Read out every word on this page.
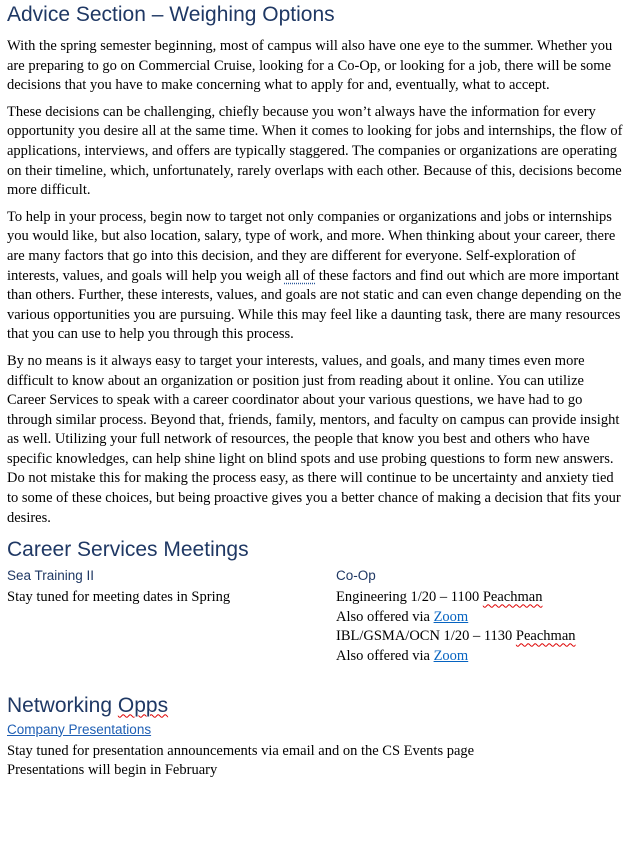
Advice Section – Weighing Options

With the spring semester beginning, most of campus will also have one eye to the summer. Whether you are preparing to go on Commercial Cruise, looking for a Co-Op, or looking for a job, there will be some decisions that you have to make concerning what to apply for and, eventually, what to accept.

These decisions can be challenging, chiefly because you won’t always have the information for every opportunity you desire all at the same time. When it comes to looking for jobs and internships, the flow of applications, interviews, and offers are typically staggered. The companies or organizations are operating on their timeline, which, unfortunately, rarely overlaps with each other. Because of this, decisions become more difficult.

To help in your process, begin now to target not only companies or organizations and jobs or internships you would like, but also location, salary, type of work, and more. When thinking about your career, there are many factors that go into this decision, and they are different for everyone. Self-exploration of interests, values, and goals will help you weigh all of these factors and find out which are more important than others. Further, these interests, values, and goals are not static and can even change depending on the various opportunities you are pursuing. While this may feel like a daunting task, there are many resources that you can use to help you through this process.

By no means is it always easy to target your interests, values, and goals, and many times even more difficult to know about an organization or position just from reading about it online. You can utilize Career Services to speak with a career coordinator about your various questions, we have had to go through similar process. Beyond that, friends, family, mentors, and faculty on campus can provide insight as well. Utilizing your full network of resources, the people that know you best and others who have specific knowledges, can help shine light on blind spots and use probing questions to form new answers. Do not mistake this for making the process easy, as there will continue to be uncertainty and anxiety tied to some of these choices, but being proactive gives you a better chance of making a decision that fits your desires.

Career Services Meetings
Sea Training II
Stay tuned for meeting dates in Spring
Co-Op
Engineering 1/20 – 1100 Peachman
Also offered via Zoom
IBL/GSMA/OCN 1/20 – 1130 Peachman
Also offered via Zoom
Networking Opps
Company Presentations
Stay tuned for presentation announcements via email and on the CS Events page
Presentations will begin in February
